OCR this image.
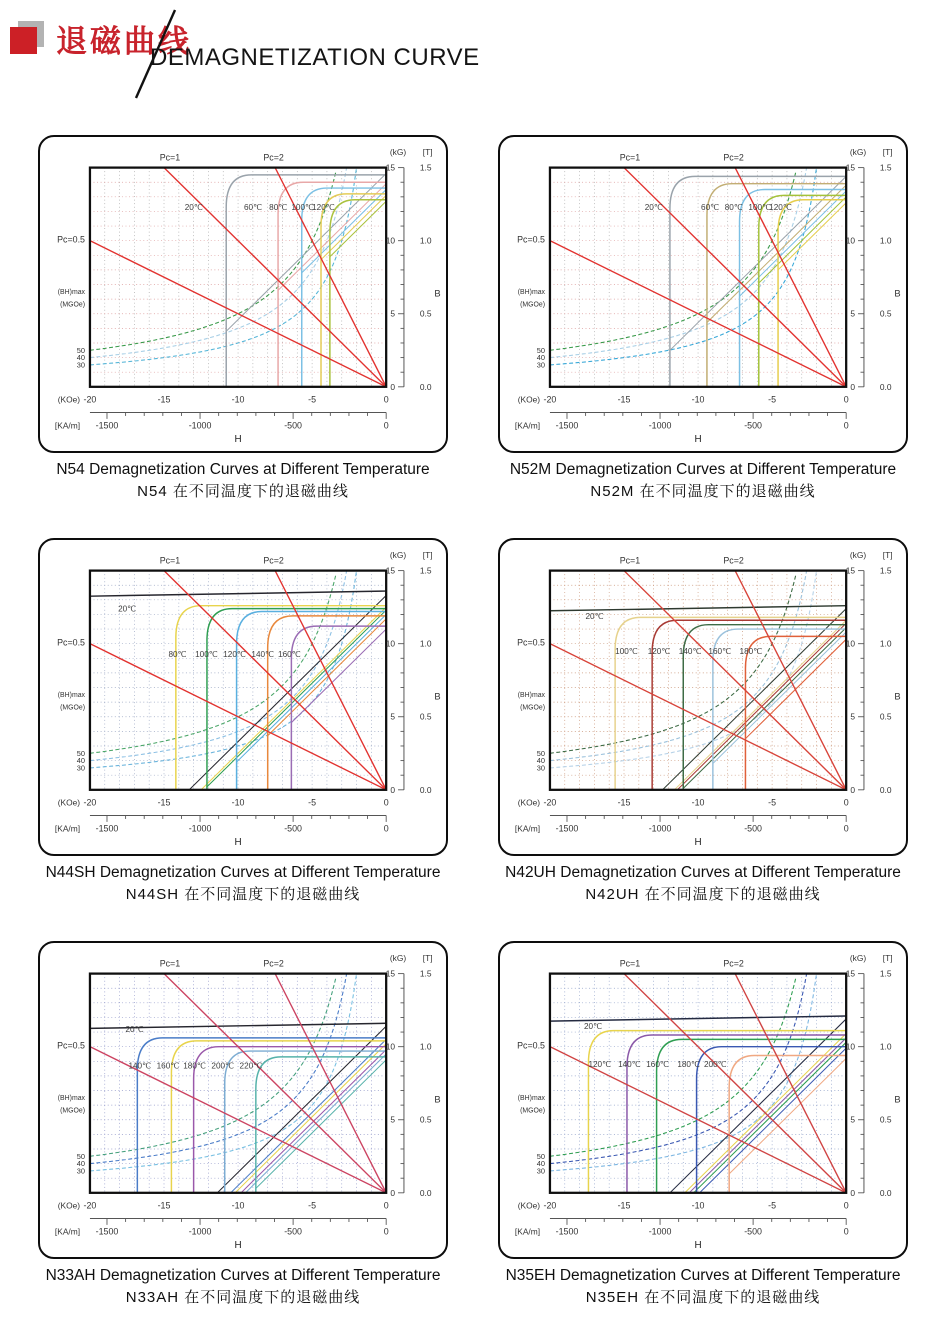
退磁曲线
DEMAGNETIZATION CURVE
Pc=1	Pc=2
Pc=0.5
15
10
5
0
1.5
1.0
0.5
0.0
(kG) [T]
B
(BH)max
(MGOe)
50
40
30
(KOe) -20	-15	-10	-5	0
[KA/m] -1500	-1000	-500	0
H
20℃	60℃ 80℃ 100℃
120℃
N54 Demagnetization Curves at Different Temperature
N54 在不同温度下的退磁曲线
Pc=1	Pc=2
Pc=0.5
15
10
5
0
1.5
1.0
0.5
0.0
(kG) [T]
B
(BH)max
(MGOe)
50
40
30
(KOe) -20	-15	-10	-5	0
[KA/m] -1500	-1000	-500	0
H
20℃	60℃ 80℃ 100℃
120℃
N52M Demagnetization Curves at Different Temperature
N52M 在不同温度下的退磁曲线
Pc=1	Pc=2
Pc=0.5
15
10
5
0
1.5
1.0
0.5
0.0
(kG) [T]
B
(BH)max
(MGOe)
50
40
30
(KOe) -20	-15	-10	-5	0
[KA/m] -1500	-1000	-500	0
H
20℃
80℃ 100℃ 120℃ 140℃ 160℃
N44SH Demagnetization Curves at Different Temperature
N44SH 在不同温度下的退磁曲线
Pc=1	Pc=2
Pc=0.5
15
10
5
0
1.5
1.0
0.5
0.0
(kG) [T]
B
(BH)max
(MGOe)
50
40
30
(KOe) -20	-15	-10	-5	0
[KA/m] -1500	-1000	-500	0
H
20℃
100℃ 120℃ 140℃ 160℃ 180℃
N42UH Demagnetization Curves at Different Temperature
N42UH 在不同温度下的退磁曲线
Pc=1	Pc=2
Pc=0.5
15
10
5
0
1.5
1.0
0.5
0.0
(kG) [T]
B
(BH)max
(MGOe)
50
40
30
(KOe) -20	-15	-10	-5	0
[KA/m] -1500	-1000	-500	0
H
20℃
140℃ 160℃ 180℃ 200℃ 220℃
N33AH Demagnetization Curves at Different Temperature
N33AH 在不同温度下的退磁曲线
Pc=1	Pc=2
Pc=0.5
15
10
5
0
1.5
1.0
0.5
0.0
(kG) [T]
B
(BH)max
(MGOe)
50
40
30
(KOe) -20	-15	-10	-5	0
[KA/m] -1500	-1000	-500	0
H
20℃
120℃ 140℃ 160℃ 180℃ 200℃
N35EH Demagnetization Curves at Different Temperature
N35EH 在不同温度下的退磁曲线
